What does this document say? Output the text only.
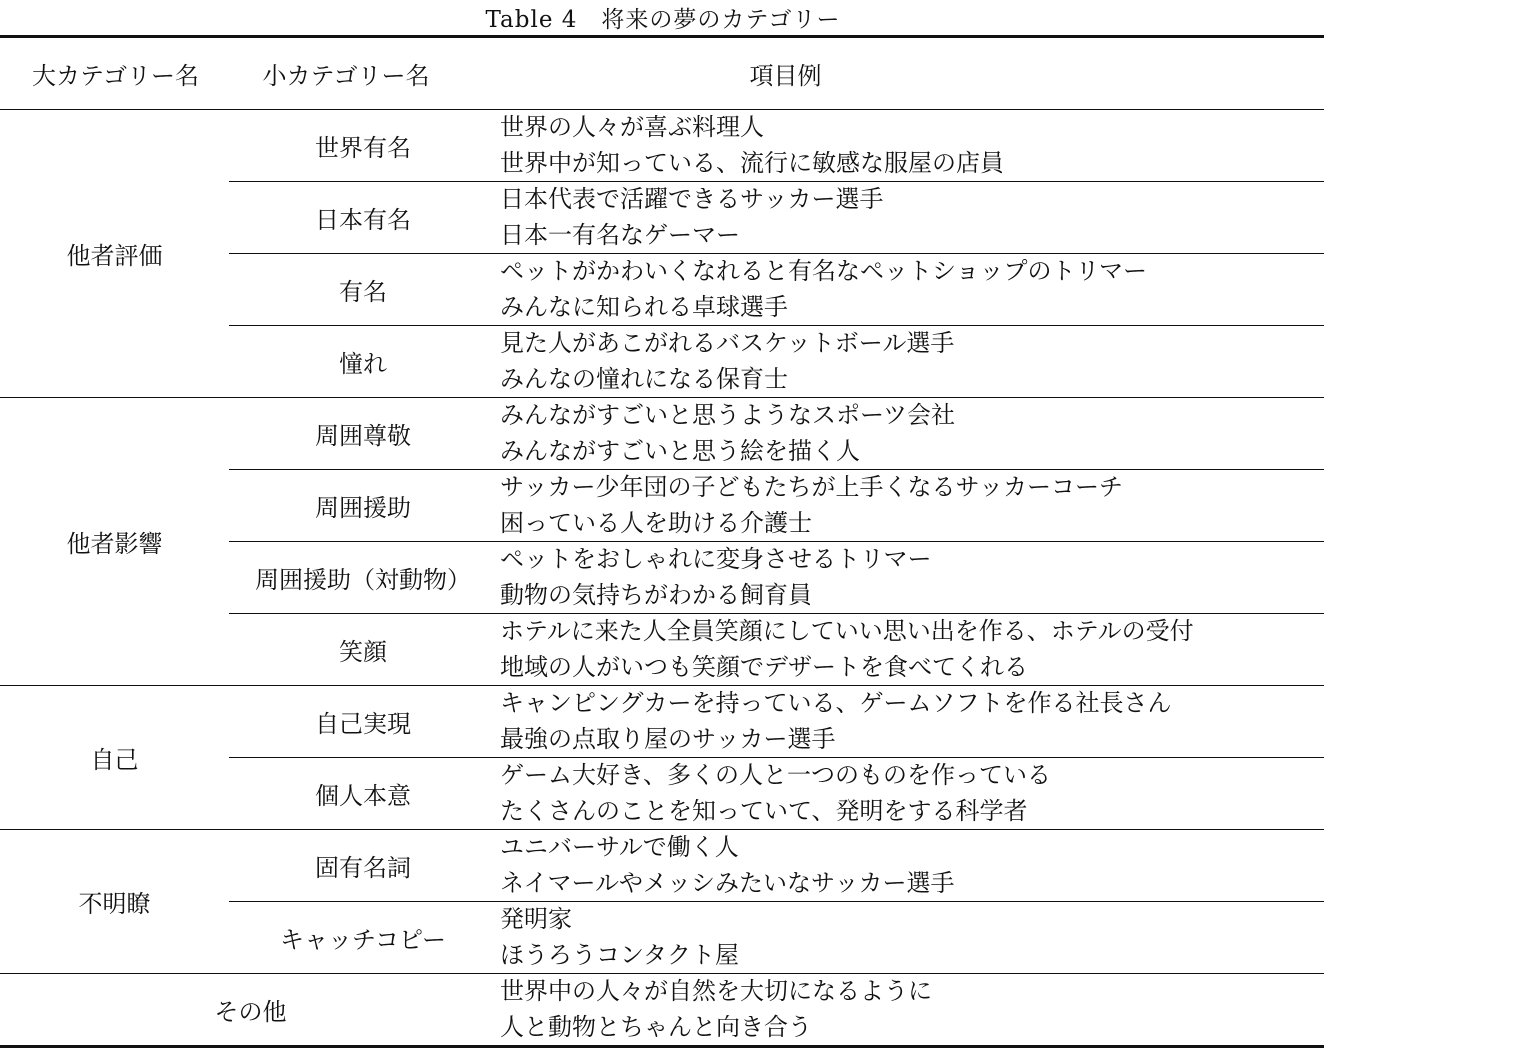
Table 4　将来の夢のカテゴリー
大カテゴリー名	小カテゴリー名	項目例
他者評価	世界有名	世界の人々が喜ぶ料理人
世界中が知っている、流行に敏感な服屋の店員

	日本有名	日本代表で活躍できるサッカー選手
日本一有名なゲーマー

	有名	ペットがかわいくなれると有名なペットショップのトリマー
みんなに知られる卓球選手

	憧れ	見た人があこがれるバスケットボール選手
みんなの憧れになる保育士

他者影響	周囲尊敬	みんながすごいと思うようなスポーツ会社
みんながすごいと思う絵を描く人

	周囲援助	サッカー少年団の子どもたちが上手くなるサッカーコーチ
困っている人を助ける介護士

	周囲援助（対動物）	ペットをおしゃれに変身させるトリマー
動物の気持ちがわかる飼育員

	笑顔	ホテルに来た人全員笑顔にしていい思い出を作る、ホテルの受付
地域の人がいつも笑顔でデザートを食べてくれる

自己	自己実現	キャンピングカーを持っている、ゲームソフトを作る社長さん
最強の点取り屋のサッカー選手

	個人本意	ゲーム大好き、多くの人と一つのものを作っている
たくさんのことを知っていて、発明をする科学者

不明瞭	固有名詞	ユニバーサルで働く人
ネイマールやメッシみたいなサッカー選手

	キャッチコピー	発明家
ほうろうコンタクト屋

その他		世界中の人々が自然を大切になるように
人と動物とちゃんと向き合う
